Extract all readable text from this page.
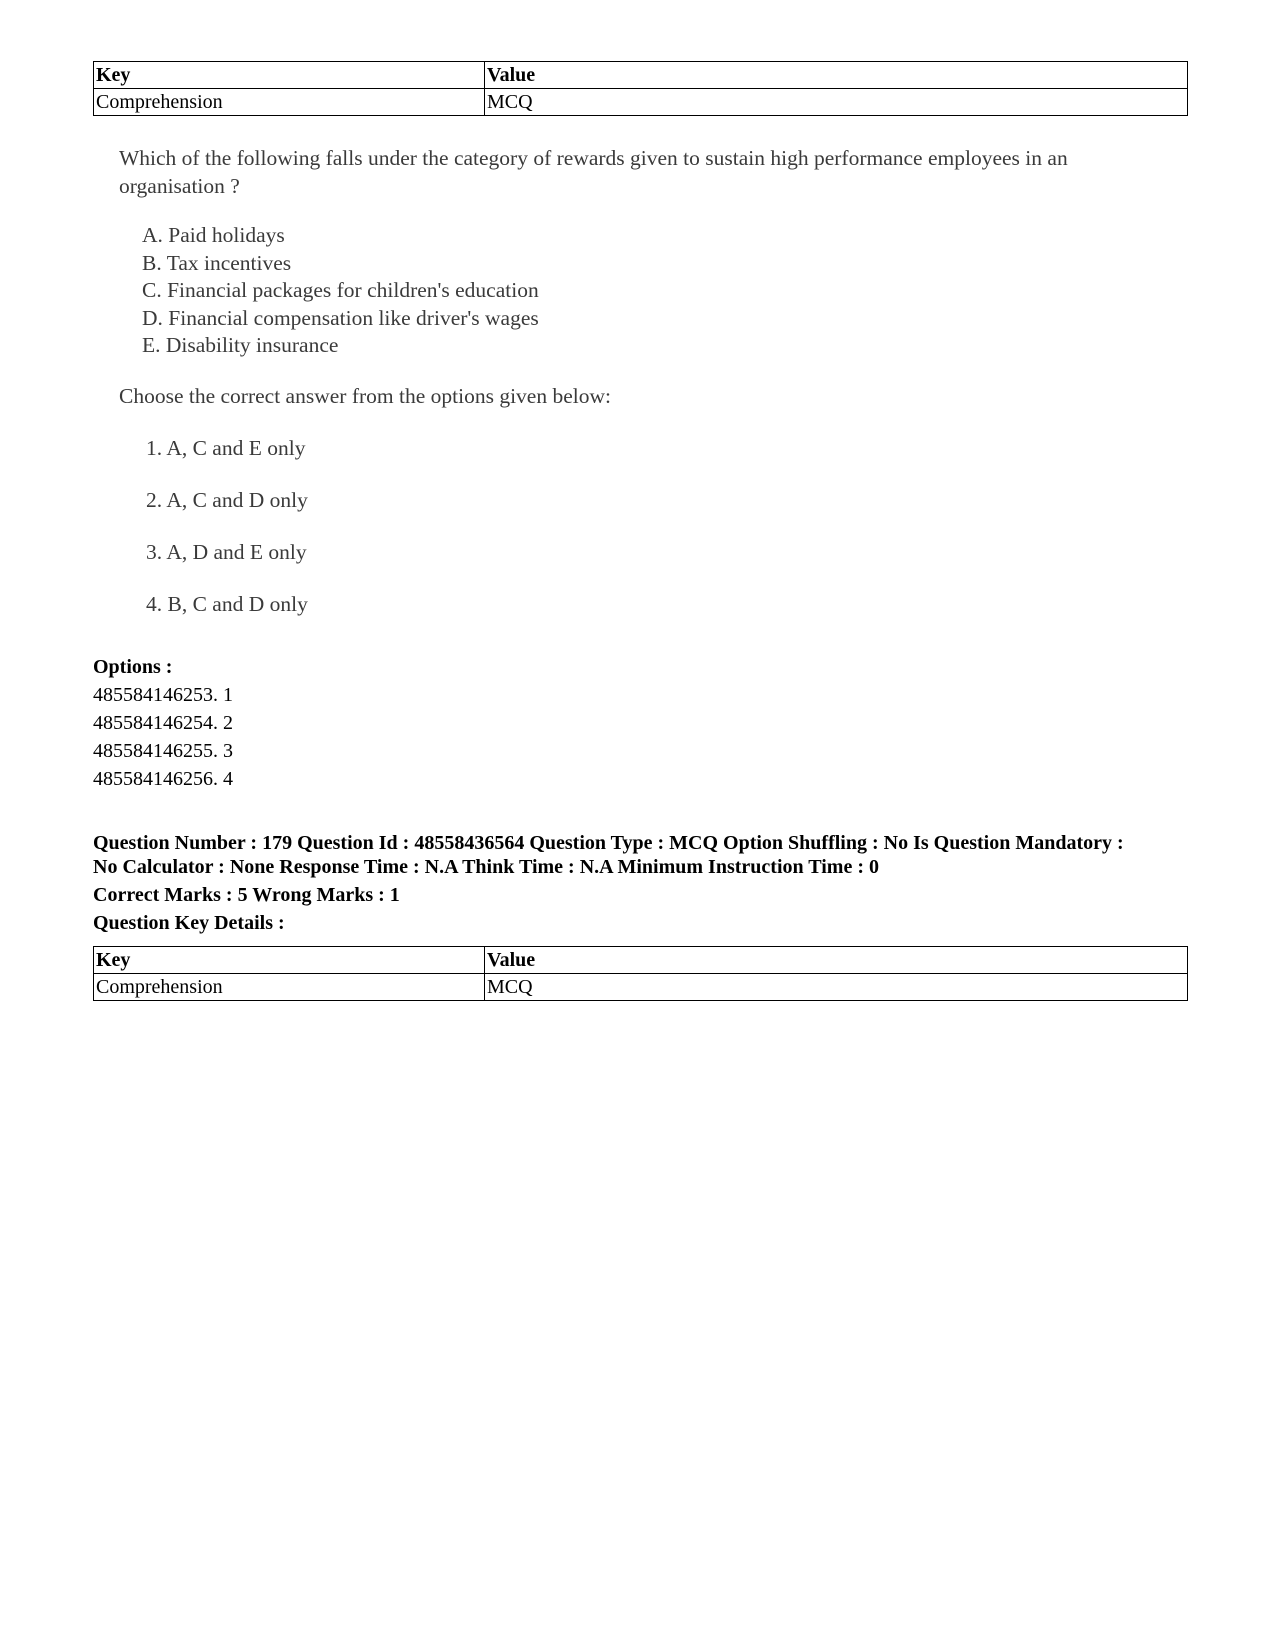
Key	Value
Comprehension	MCQ
Which of the following falls under the category of rewards given to sustain high performance employees in an organisation ?
A. Paid holidays
B. Tax incentives
C. Financial packages for children's education
D. Financial compensation like driver's wages
E. Disability insurance
Choose the correct answer from the options given below:
1. A, C and E only
2. A, C and D only
3. A, D and E only
4. B, C and D only
Options :
485584146253. 1
485584146254. 2
485584146255. 3
485584146256. 4
Question Number : 179 Question Id : 48558436564 Question Type : MCQ Option Shuffling : No Is Question Mandatory :
No Calculator : None Response Time : N.A Think Time : N.A Minimum Instruction Time : 0
Correct Marks : 5 Wrong Marks : 1
Question Key Details :
Key	Value
Comprehension	MCQ
